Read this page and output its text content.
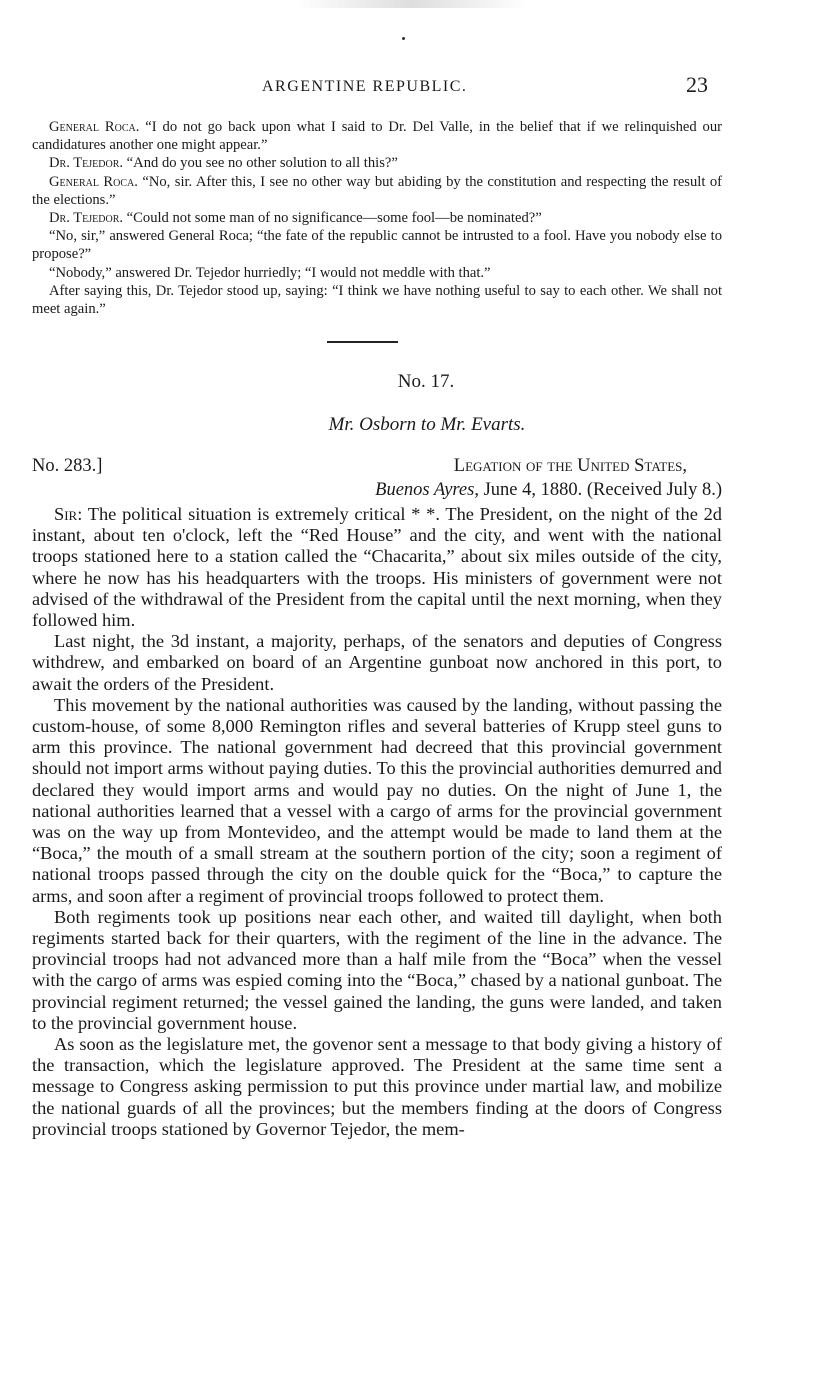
ARGENTINE REPUBLIC.	23

General Roca. “I do not go back upon what I said to Dr. Del Valle, in the belief that if we relinquished our candidatures another one might appear.”

Dr. Tejedor. “And do you see no other solution to all this?”

General Roca. “No, sir. After this, I see no other way but abiding by the constitution and respecting the result of the elections.”

Dr. Tejedor. “Could not some man of no significance—some fool—be nominated?”

“No, sir,” answered General Roca; “the fate of the republic cannot be intrusted to a fool. Have you nobody else to propose?”

“Nobody,” answered Dr. Tejedor hurriedly; “I would not meddle with that.”

After saying this, Dr. Tejedor stood up, saying: “I think we have nothing useful to say to each other. We shall not meet again.”

No. 17.
Mr. Osborn to Mr. Evarts.
No. 283.]	Legation of the United States,
Buenos Ayres, June 4, 1880. (Received July 8.)

Sir: The political situation is extremely critical * *. The President, on the night of the 2d instant, about ten o'clock, left the “Red House” and the city, and went with the national troops stationed here to a station called the “Chacarita,” about six miles outside of the city, where he now has his headquarters with the troops. His ministers of government were not advised of the withdrawal of the President from the capital until the next morning, when they followed him.

Last night, the 3d instant, a majority, perhaps, of the senators and deputies of Congress withdrew, and embarked on board of an Argentine gunboat now anchored in this port, to await the orders of the President.

This movement by the national authorities was caused by the landing, without passing the custom-house, of some 8,000 Remington rifles and several batteries of Krupp steel guns to arm this province. The national government had decreed that this provincial government should not import arms without paying duties. To this the provincial authorities demurred and declared they would import arms and would pay no duties. On the night of June 1, the national authorities learned that a vessel with a cargo of arms for the provincial government was on the way up from Montevideo, and the attempt would be made to land them at the “Boca,” the mouth of a small stream at the southern portion of the city; soon a regiment of national troops passed through the city on the double quick for the “Boca,” to capture the arms, and soon after a regiment of provincial troops followed to protect them.

Both regiments took up positions near each other, and waited till daylight, when both regiments started back for their quarters, with the regiment of the line in the advance. The provincial troops had not advanced more than a half mile from the “Boca” when the vessel with the cargo of arms was espied coming into the “Boca,” chased by a national gunboat. The provincial regiment returned; the vessel gained the landing, the guns were landed, and taken to the provincial government house.

As soon as the legislature met, the govenor sent a message to that body giving a history of the transaction, which the legislature approved. The President at the same time sent a message to Congress asking permission to put this province under martial law, and mobilize the national guards of all the provinces; but the members finding at the doors of Congress provincial troops stationed by Governor Tejedor, the mem-
